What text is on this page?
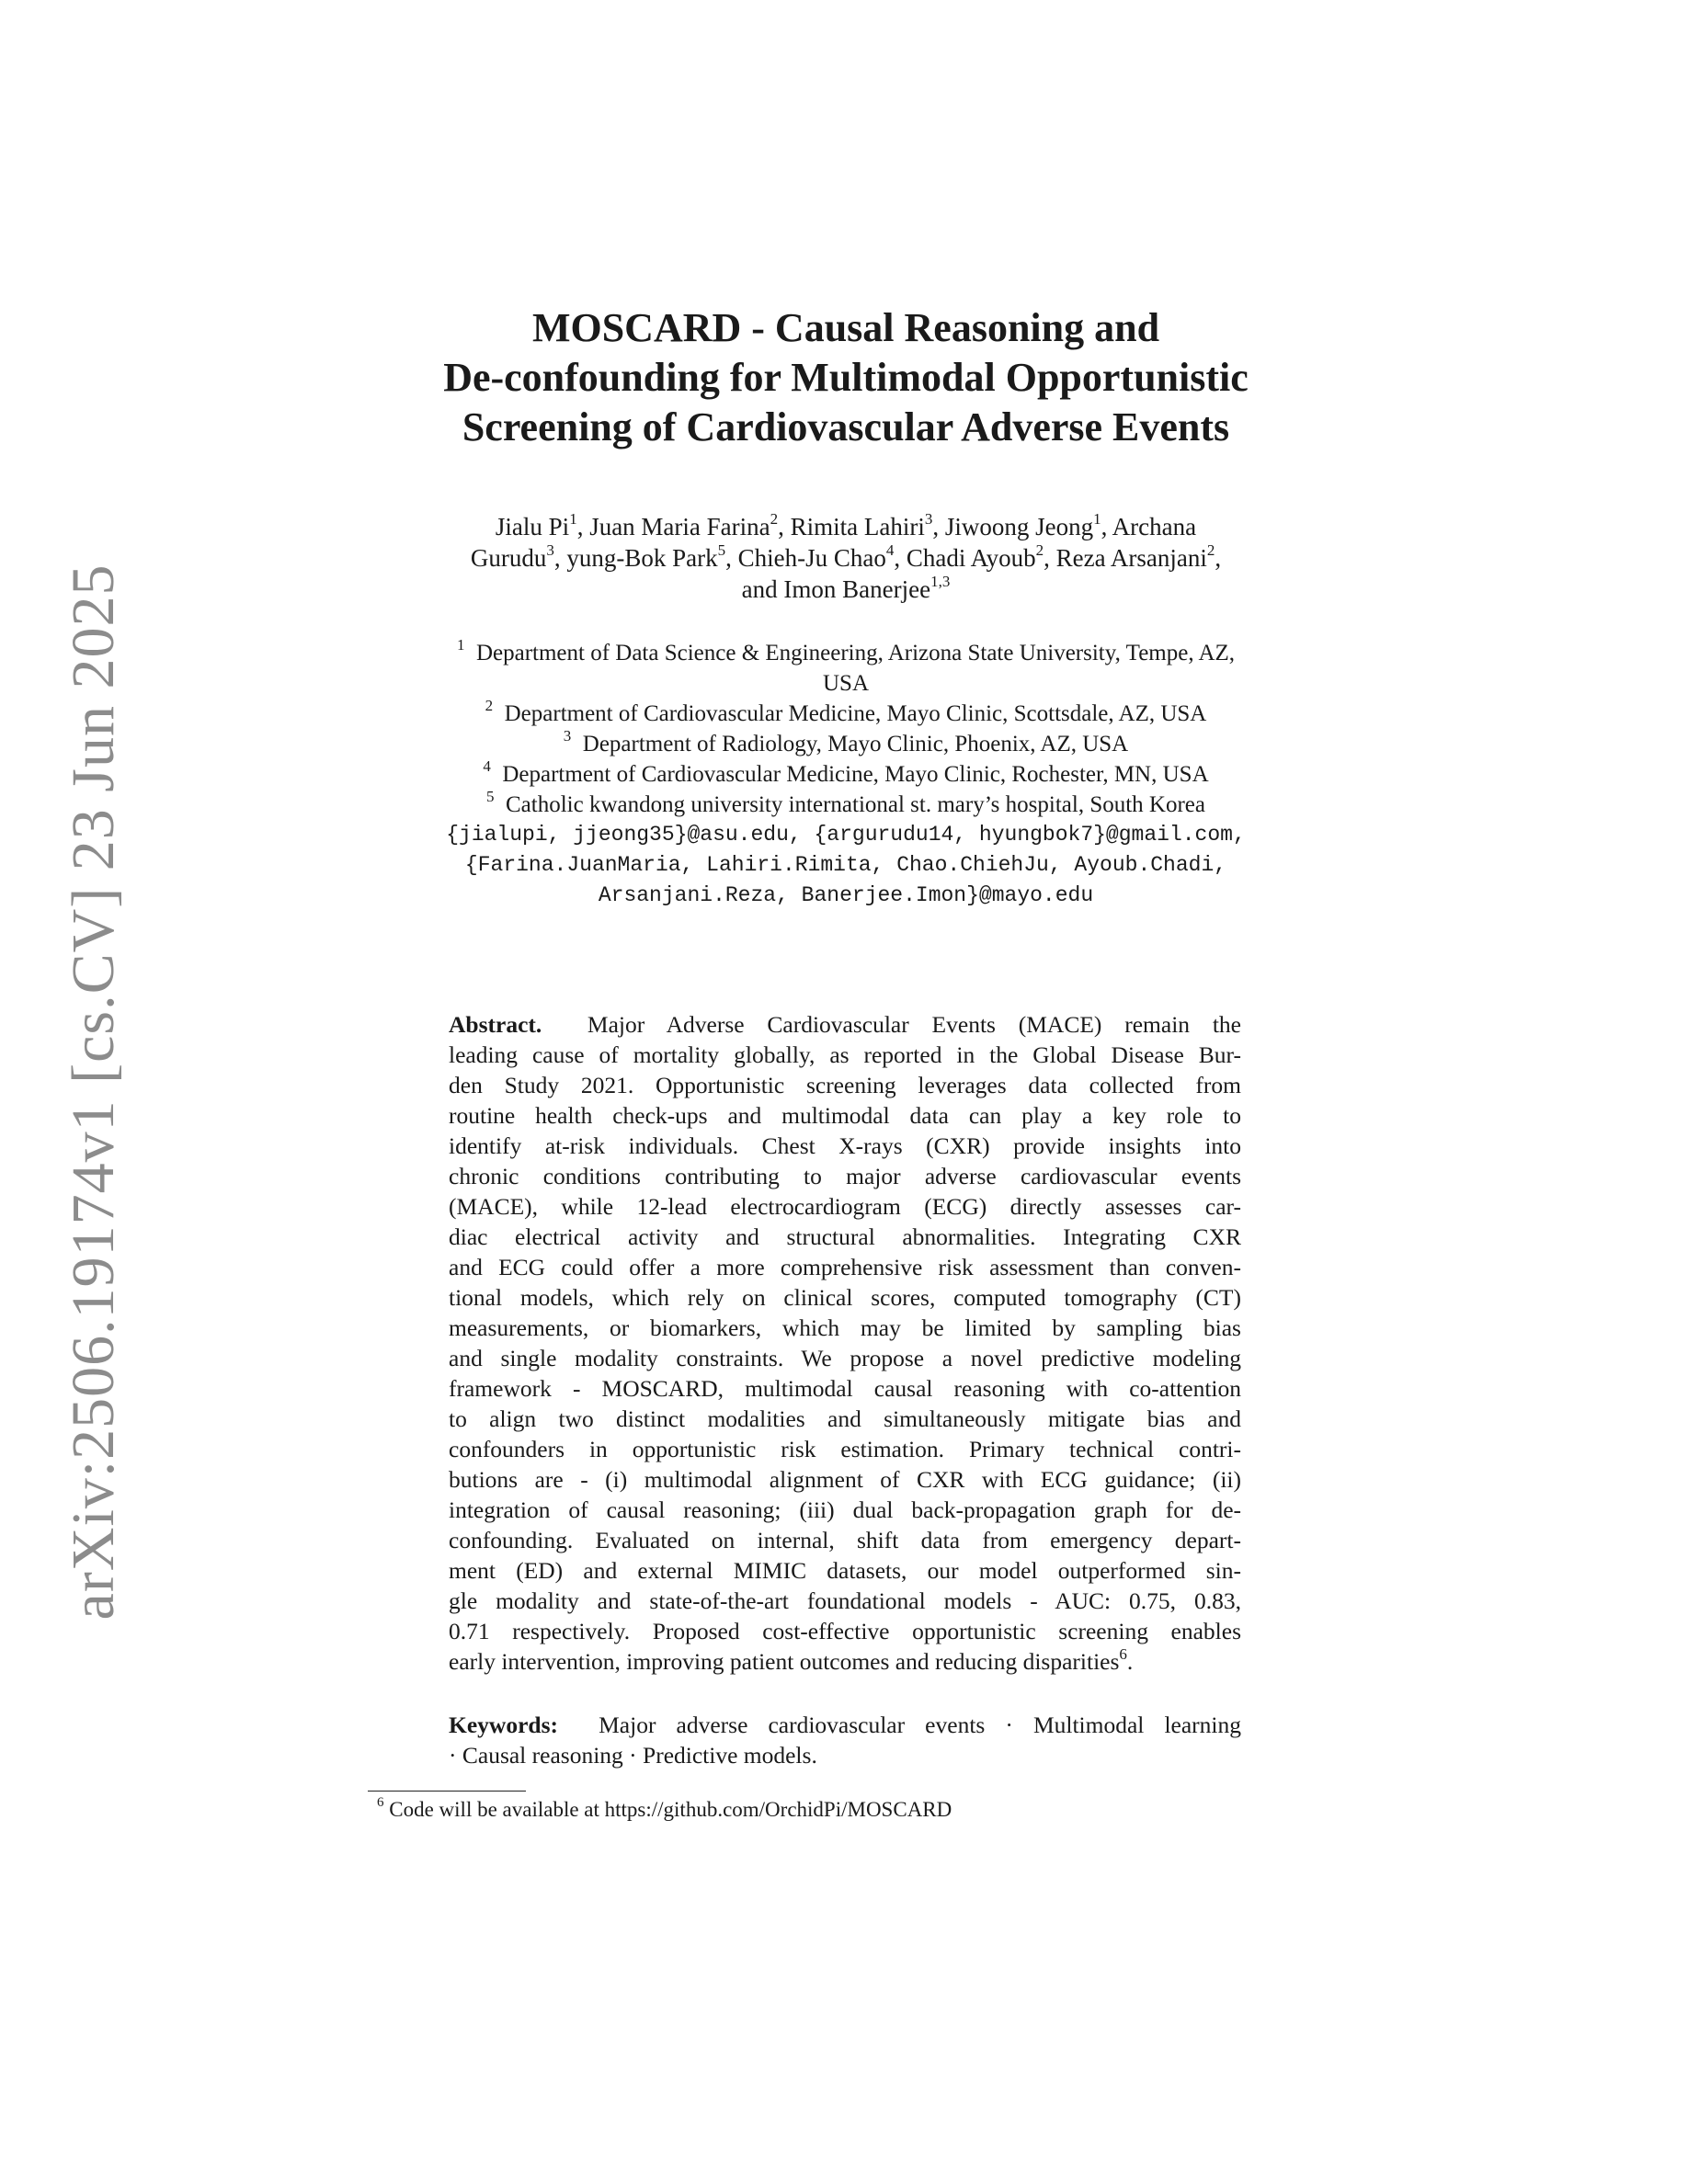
arXiv:2506.19174v1 [cs.CV] 23 Jun 2025
MOSCARD - Causal Reasoning and
De-confounding for Multimodal Opportunistic
Screening of Cardiovascular Adverse Events
Jialu Pi$^1$, Juan Maria Farina$^2$, Rimita Lahiri$^3$, Jiwoong Jeong$^1$, Archana
Gurudu$^3$, yung-Bok Park$^5$, Chieh-Ju Chao$^4$, Chadi Ayoub$^2$, Reza Arsanjani$^2$,
and Imon Banerjee$^{1,3}$
$^1$ Department of Data Science & Engineering, Arizona State University, Tempe, AZ,
USA
$^2$ Department of Cardiovascular Medicine, Mayo Clinic, Scottsdale, AZ, USA
$^3$ Department of Radiology, Mayo Clinic, Phoenix, AZ, USA
$^4$ Department of Cardiovascular Medicine, Mayo Clinic, Rochester, MN, USA
$^5$ Catholic kwandong university international st. mary’s hospital, South Korea
{jialupi, jjeong35}@asu.edu, {argurudu14, hyungbok7}@gmail.com,
{Farina.JuanMaria, Lahiri.Rimita, Chao.ChiehJu, Ayoub.Chadi,
Arsanjani.Reza, Banerjee.Imon}@mayo.edu
Abstract. Major Adverse Cardiovascular Events (MACE) remain the
leading cause of mortality globally, as reported in the Global Disease Bur-
den Study 2021. Opportunistic screening leverages data collected from
routine health check-ups and multimodal data can play a key role to
identify at-risk individuals. Chest X-rays (CXR) provide insights into
chronic conditions contributing to major adverse cardiovascular events
(MACE), while 12-lead electrocardiogram (ECG) directly assesses car-
diac electrical activity and structural abnormalities. Integrating CXR
and ECG could offer a more comprehensive risk assessment than conven-
tional models, which rely on clinical scores, computed tomography (CT)
measurements, or biomarkers, which may be limited by sampling bias
and single modality constraints. We propose a novel predictive modeling
framework - MOSCARD, multimodal causal reasoning with co-attention
to align two distinct modalities and simultaneously mitigate bias and
confounders in opportunistic risk estimation. Primary technical contri-
butions are - (i) multimodal alignment of CXR with ECG guidance; (ii)
integration of causal reasoning; (iii) dual back-propagation graph for de-
confounding. Evaluated on internal, shift data from emergency depart-
ment (ED) and external MIMIC datasets, our model outperformed sin-
gle modality and state-of-the-art foundational models - AUC: 0.75, 0.83,
0.71 respectively. Proposed cost-effective opportunistic screening enables
early intervention, improving patient outcomes and reducing disparities$^6$.
Keywords: Major adverse cardiovascular events · Multimodal learning
· Causal reasoning · Predictive models.
$^6$ Code will be available at https://github.com/OrchidPi/MOSCARD
